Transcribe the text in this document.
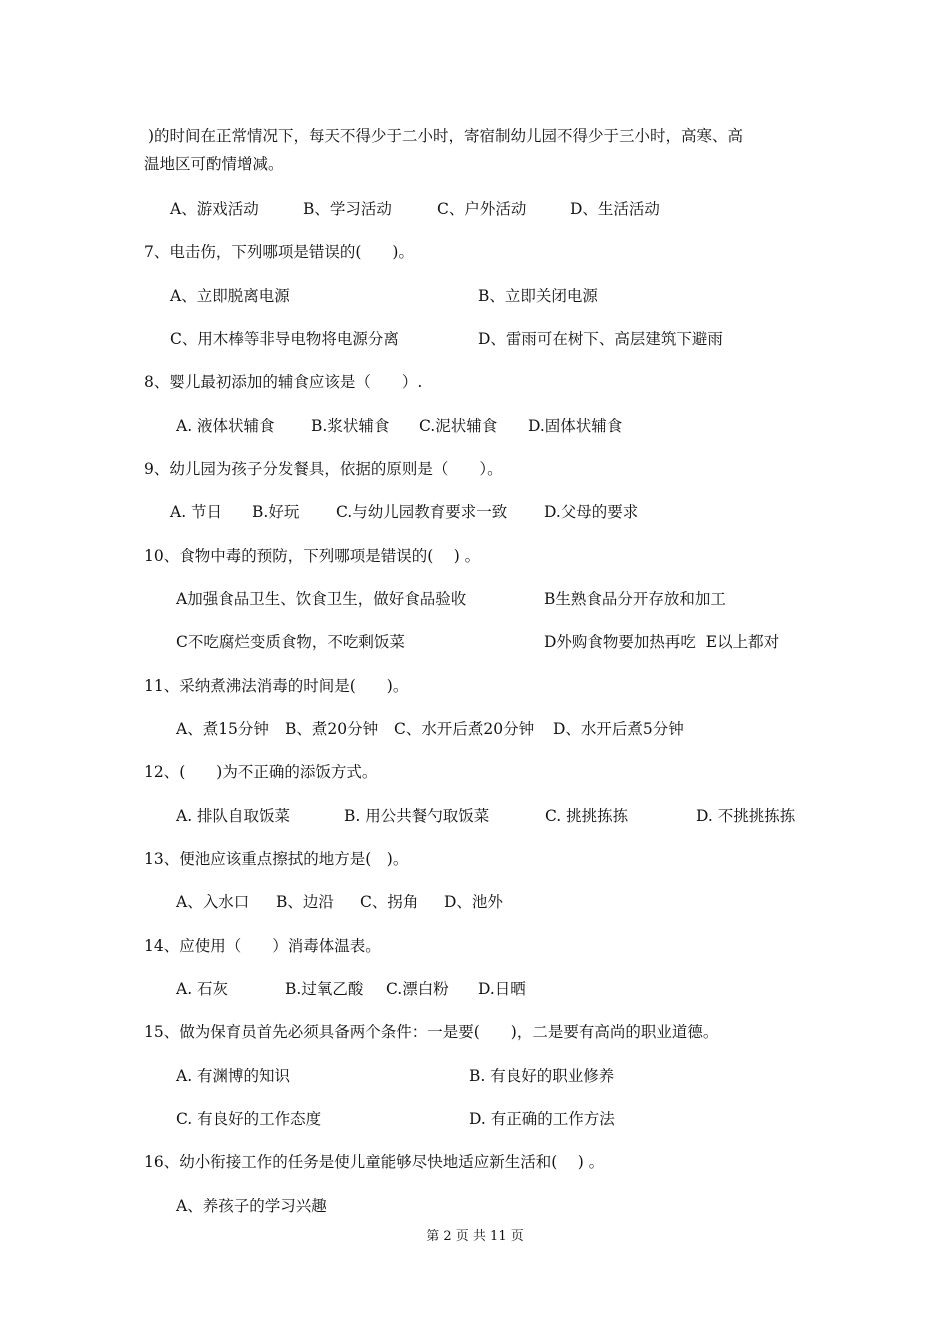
)的时间在正常情况下，每天不得少于二小时，寄宿制幼儿园不得少于三小时，高寒、高
温地区可酌情增减。
A、游戏活动	B、学习活动	C、户外活动	D、生活活动
7、电击伤，下列哪项是错误的(　　)。
A、立即脱离电源	B、立即关闭电源
C、用木棒等非导电物将电源分离	D、雷雨可在树下、高层建筑下避雨
8、婴儿最初添加的辅食应该是（　　）.
A. 液体状辅食 B.浆状辅食 C.泥状辅食 D.固体状辅食
9、幼儿园为孩子分发餐具，依据的原则是（　　）。
A. 节日 B.好玩 C.与幼儿园教育要求一致 D.父母的要求
10、食物中毒的预防，下列哪项是错误的(　 ) 。
A加强食品卫生、饮食卫生，做好食品验收	B生熟食品分开存放和加工
C不吃腐烂变质食物，不吃剩饭菜	D外购食物要加热再吃  E以上都对
11、采纳煮沸法消毒的时间是(　　)。
A、煮15分钟 B、煮20分钟 C、水开后煮20分钟 D、水开后煮5分钟
12、(　　)为不正确的添饭方式。
A. 排队自取饭菜	B. 用公共餐勺取饭菜	C. 挑挑拣拣	D. 不挑挑拣拣
13、便池应该重点擦拭的地方是(　)。
A、入水口 B、边沿 C、拐角 D、池外
14、应使用（　　）消毒体温表。
A. 石灰	B.过氧乙酸 C.漂白粉 D.日晒
15、做为保育员首先必须具备两个条件：一是要(　　)，二是要有高尚的职业道德。
A. 有渊博的知识	B. 有良好的职业修养
C. 有良好的工作态度	D. 有正确的工作方法
16、幼小衔接工作的任务是使儿童能够尽快地适应新生活和(　 ) 。
A、养孩子的学习兴趣
第 2 页 共 11 页
